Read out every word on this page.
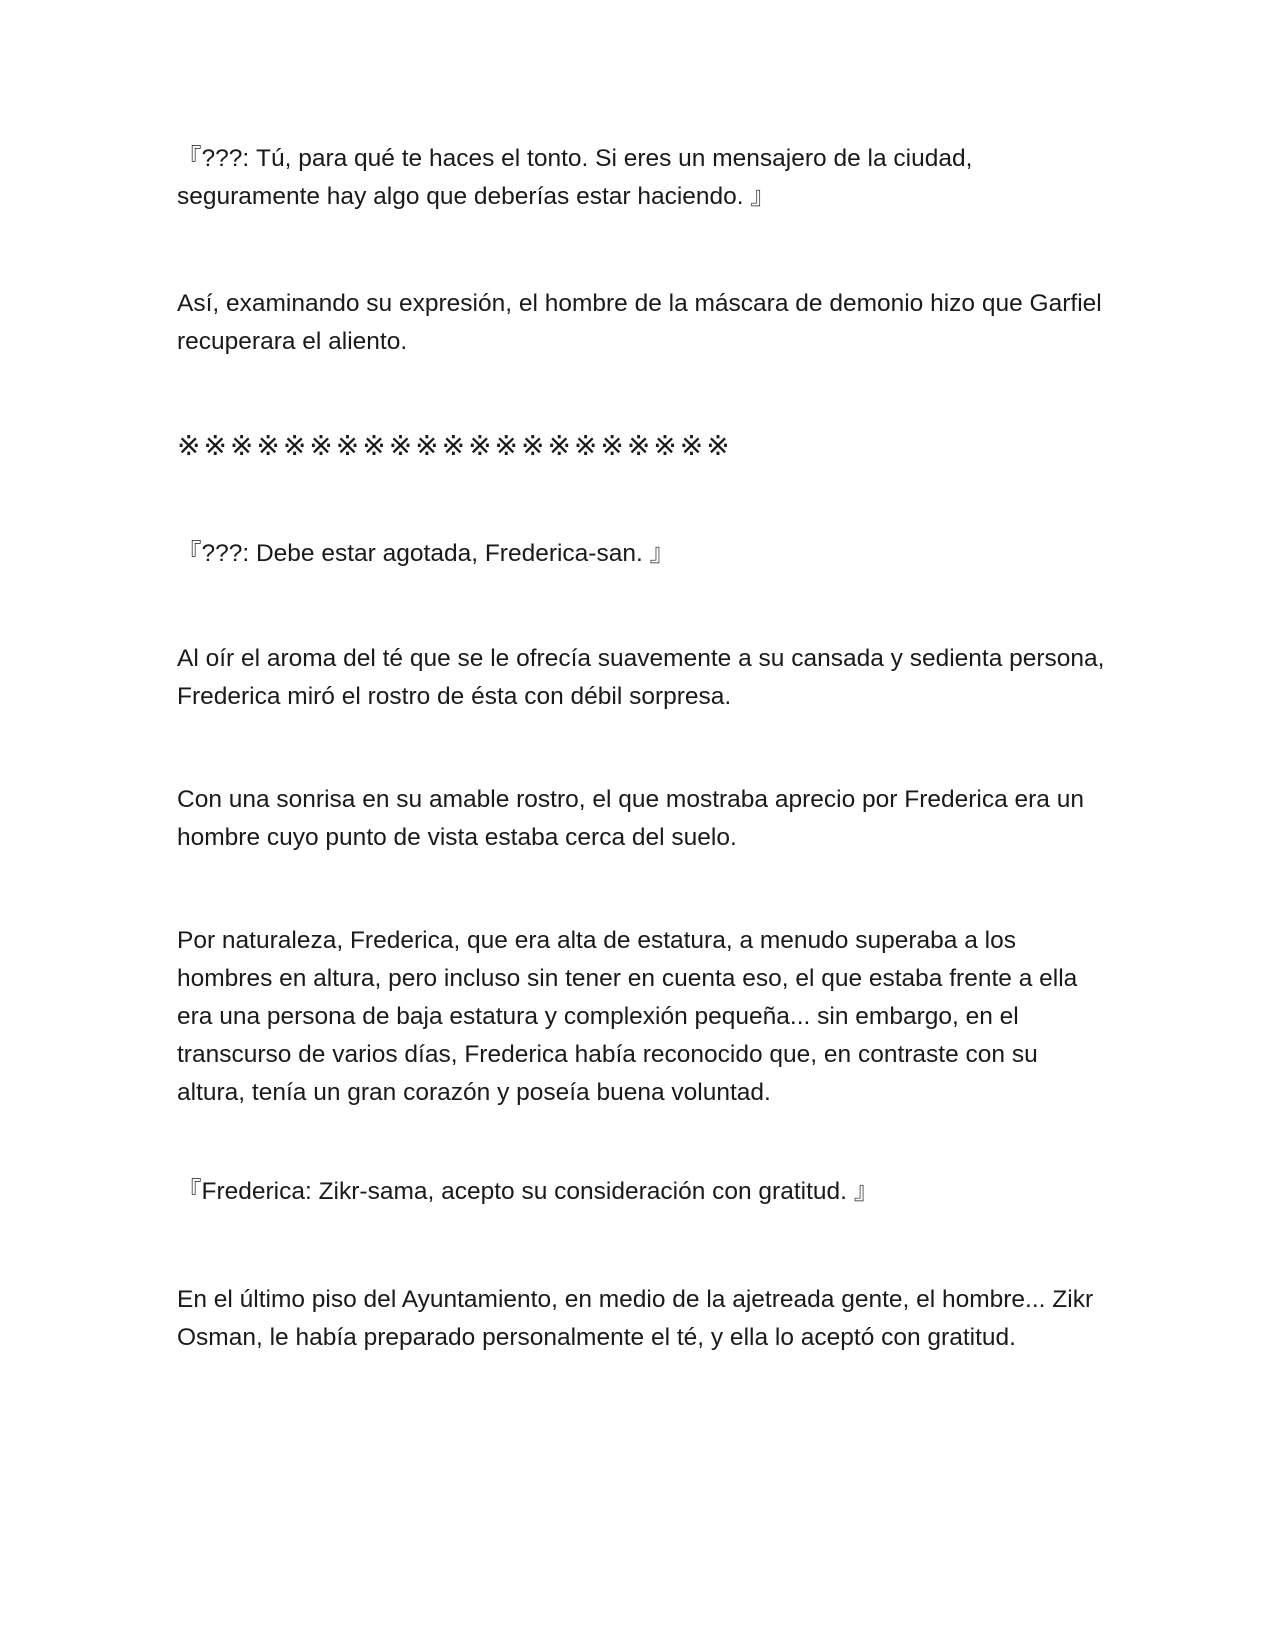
『???: Tú, para qué te haces el tonto. Si eres un mensajero de la ciudad, seguramente hay algo que deberías estar haciendo. 』

Así, examinando su expresión, el hombre de la máscara de demonio hizo que Garfiel recuperara el aliento.

※※※※※※※※※※※※※※※※※※※※※

『???: Debe estar agotada, Frederica-san. 』

Al oír el aroma del té que se le ofrecía suavemente a su cansada y sedienta persona, Frederica miró el rostro de ésta con débil sorpresa.

Con una sonrisa en su amable rostro, el que mostraba aprecio por Frederica era un hombre cuyo punto de vista estaba cerca del suelo.

Por naturaleza, Frederica, que era alta de estatura, a menudo superaba a los hombres en altura, pero incluso sin tener en cuenta eso, el que estaba frente a ella era una persona de baja estatura y complexión pequeña... sin embargo, en el transcurso de varios días, Frederica había reconocido que, en contraste con su altura, tenía un gran corazón y poseía buena voluntad.

『Frederica: Zikr-sama, acepto su consideración con gratitud. 』

En el último piso del Ayuntamiento, en medio de la ajetreada gente, el hombre... Zikr Osman, le había preparado personalmente el té, y ella lo aceptó con gratitud.
